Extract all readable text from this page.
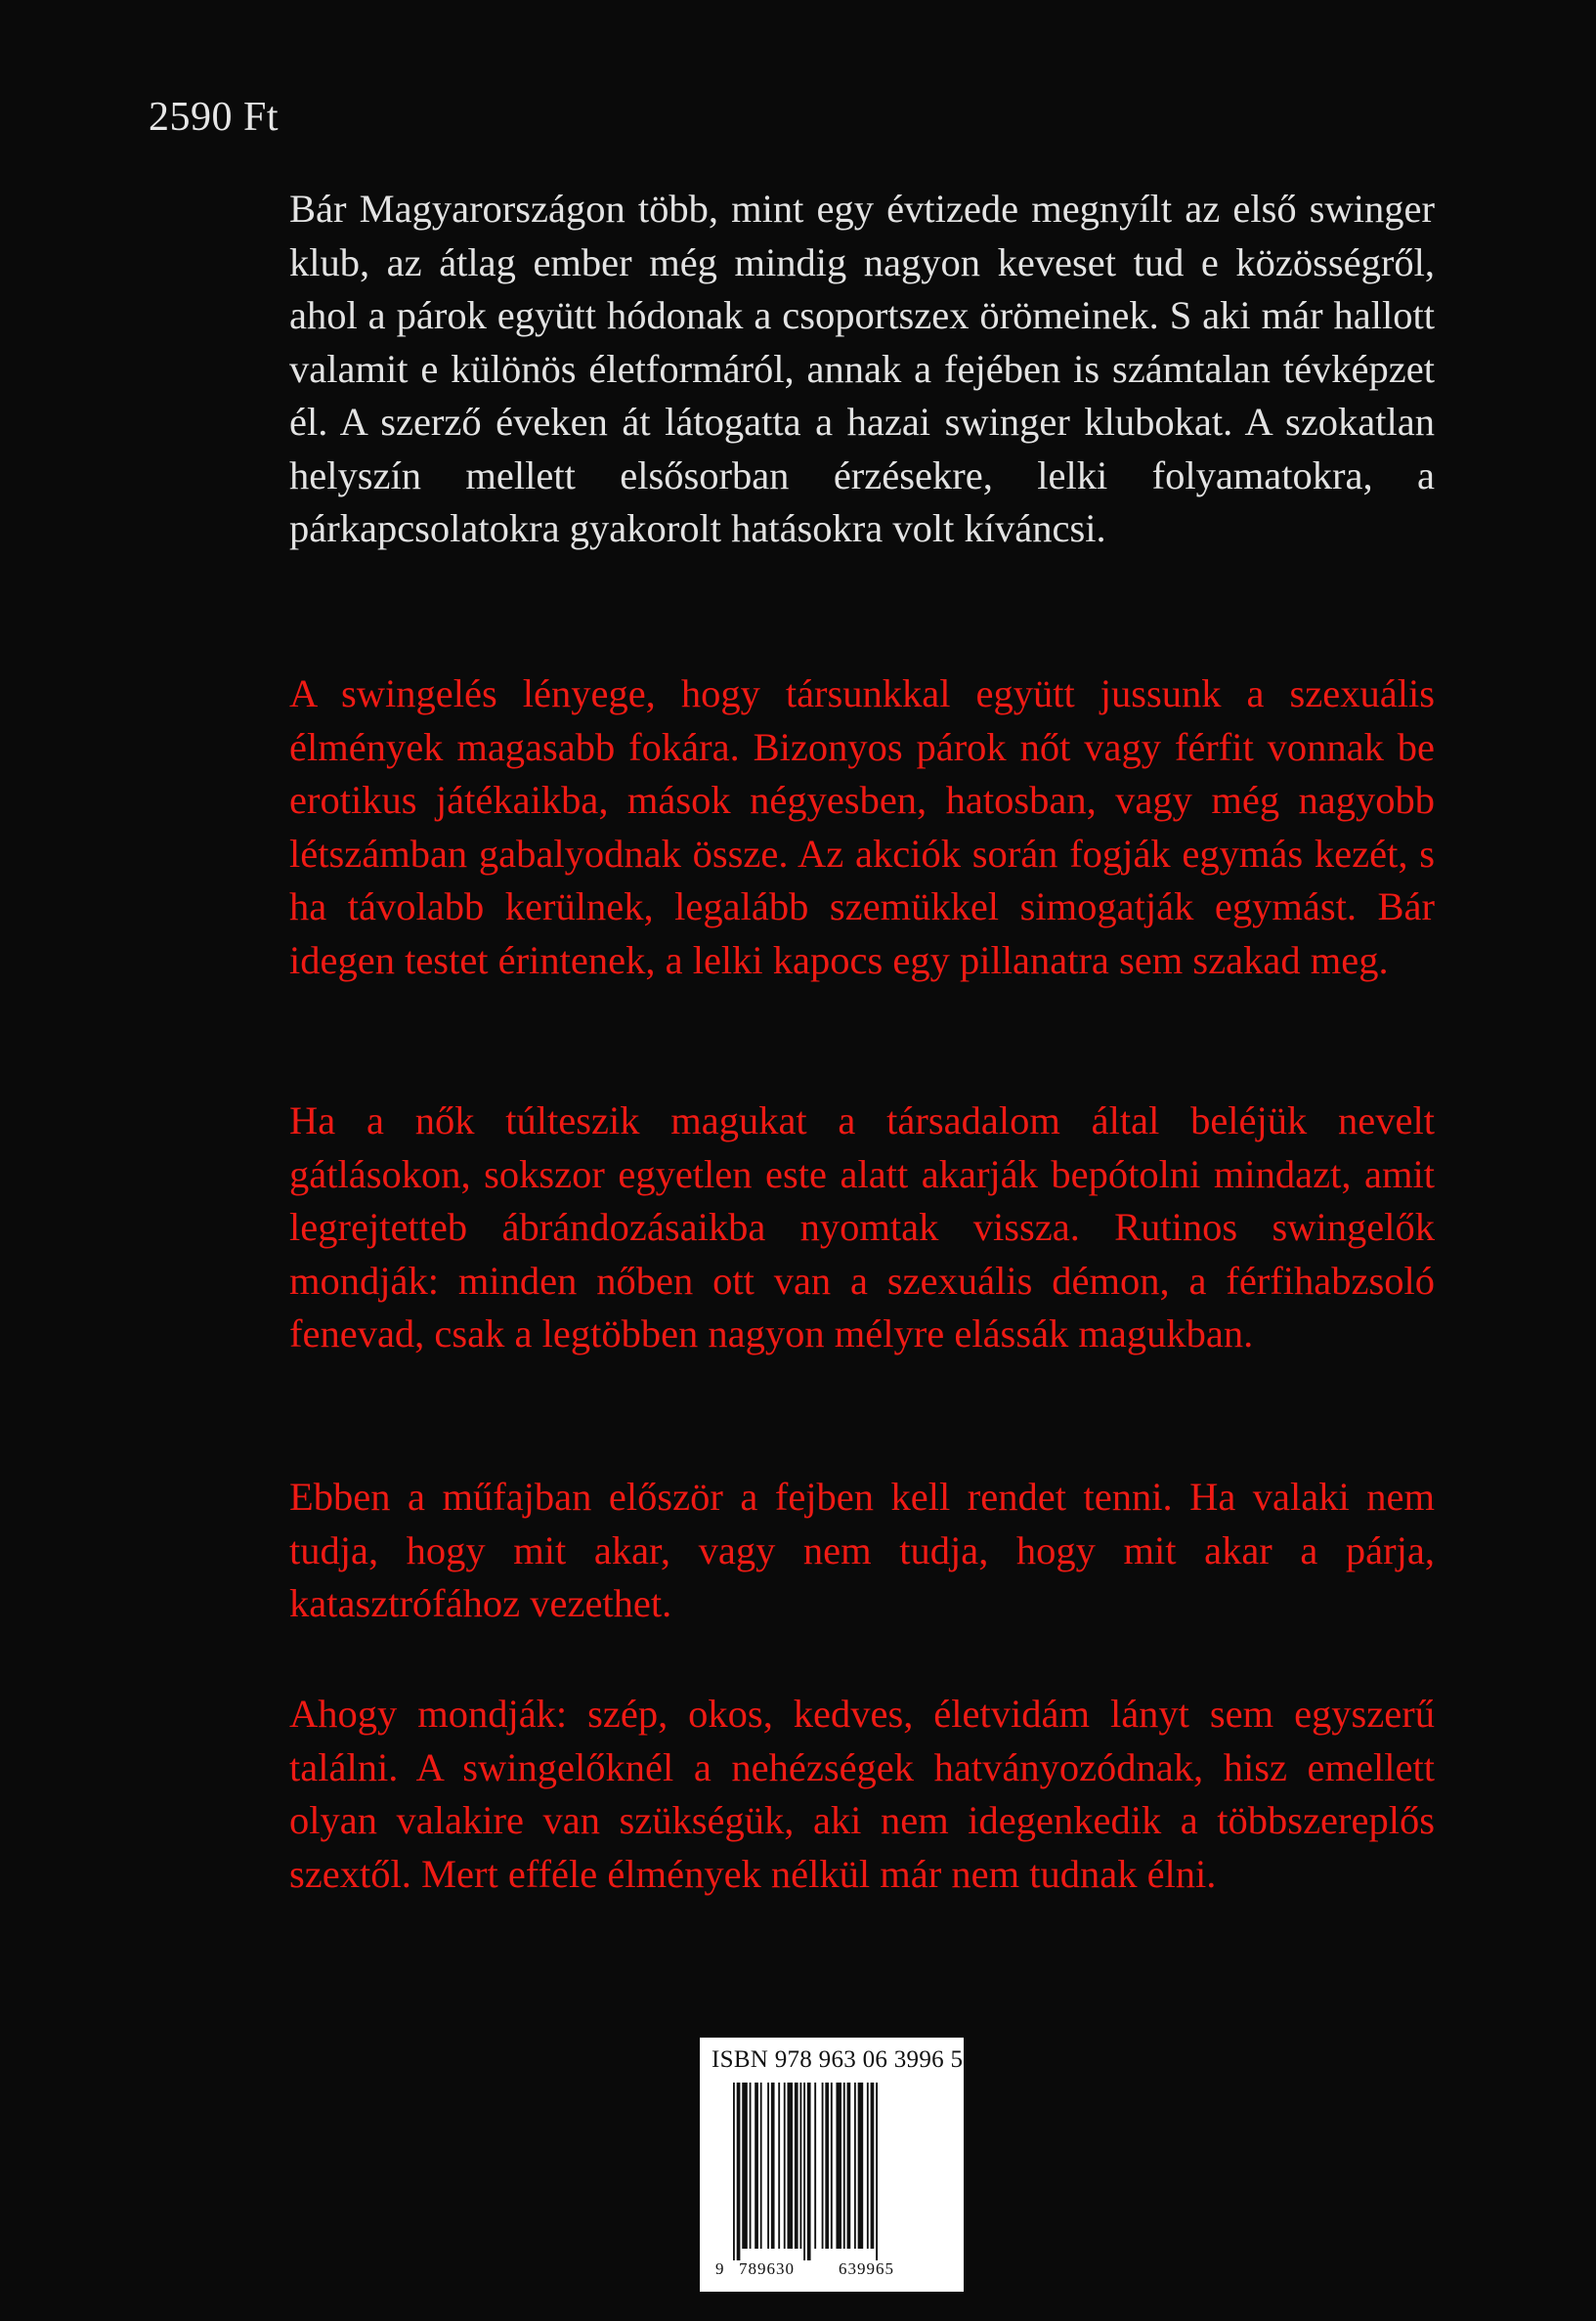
2590 Ft
Bár Magyarországon több, mint egy évtizede megnyílt az első swinger klub, az átlag ember még mindig nagyon keveset tud e közösségről, ahol a párok együtt hódonak a csoportszex örömeinek. S aki már hallott valamit e különös életformáról, annak a fejében is számtalan tévképzet él. A szerző éveken át látogatta a hazai swinger klubokat. A szokatlan helyszín mellett elsősorban érzésekre, lelki folyamatokra, a párkapcsolatokra gyakorolt hatásokra volt kíváncsi.
A swingelés lényege, hogy társunkkal együtt jussunk a szexuális élmények magasabb fokára. Bizonyos párok nőt vagy férfit vonnak be erotikus játékaikba, mások négyesben, hatosban, vagy még nagyobb létszámban gabalyodnak össze. Az akciók során fogják egymás kezét, s ha távolabb kerülnek, legalább szemükkel simogatják egymást. Bár idegen testet érintenek, a lelki kapocs egy pillanatra sem szakad meg.
Ha a nők túlteszik magukat a társadalom által beléjük nevelt gátlásokon, sokszor egyetlen este alatt akarják bepótolni mindazt, amit legrejtetteb ábrándozásaikba nyomtak vissza. Rutinos swingelők mondják: minden nőben ott van a szexuális démon, a férfihabzsoló fenevad, csak a legtöbben nagyon mélyre elássák magukban.
Ebben a műfajban először a fejben kell rendet tenni. Ha valaki nem tudja, hogy mit akar, vagy nem tudja, hogy mit akar a párja, katasztrófához vezethet.
Ahogy mondják: szép, okos, kedves, életvidám lányt sem egyszerű találni. A swingelőknél a nehézségek hatványozódnak, hisz emellett olyan valakire van szükségük, aki nem idegenkedik a többszereplős szextől. Mert efféle élmények nélkül már nem tudnak élni.
ISBN 978 963 06 3996 5
9 789630	639965
